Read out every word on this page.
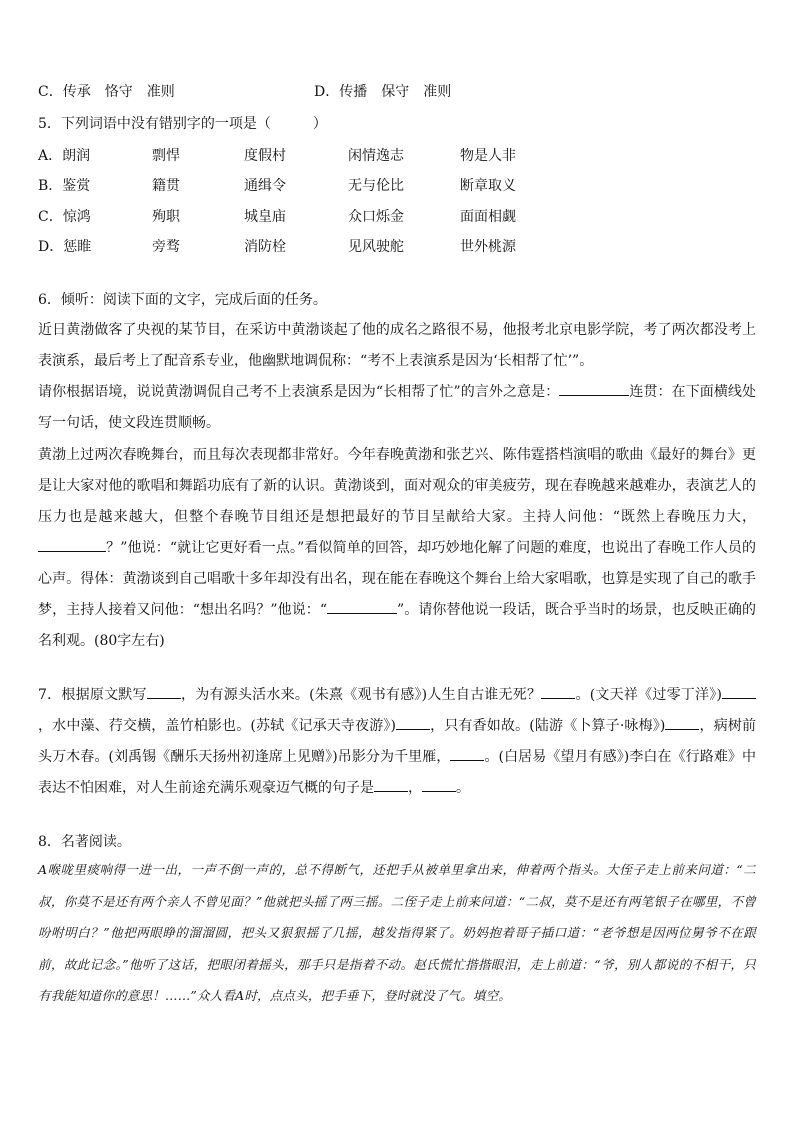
C．传承　恪守　准则	D．传播　保守　准则
5．下列词语中没有错别字的一项是（　　　）
A．朗润	剽悍	度假村	闲情逸志	物是人非
B．鉴赏	籍贯	通缉令	无与伦比	断章取义
C．惊鸿	殉职	城皇庙	众口烁金	面面相觑
D．惩睢	旁骛	消防栓	见风驶舵	世外桃源
6．倾听：阅读下面的文字，完成后面的任务。

近日黄渤做客了央视的某节目，在采访中黄渤谈起了他的成名之路很不易，他报考北京电影学院，考了两次都没考上表演系，最后考上了配音系专业，他幽默地调侃称：“考不上表演系是因为‘长相帮了忙’”。

请你根据语境，说说黄渤调侃自己考不上表演系是因为“长相帮了忙”的言外之意是：	连贯：在下面横线处写一句话，使文段连贯顺畅。

黄渤上过两次春晚舞台，而且每次表现都非常好。今年春晚黄渤和张艺兴、陈伟霆搭档演唱的歌曲《最好的舞台》更是让大家对他的歌唱和舞蹈功底有了新的认识。黄渤谈到，面对观众的审美疲劳，现在春晚越来越难办，表演艺人的压力也是越来越大，但整个春晚节目组还是想把最好的节目呈献给大家。主持人问他：“既然上春晚压力大，？”他说：“就让它更好看一点。”看似简单的回答，却巧妙地化解了问题的难度，也说出了春晚工作人员的心声。得体：黄渤谈到自己唱歌十多年却没有出名，现在能在春晚这个舞台上给大家唱歌，也算是实现了自己的歌手梦，主持人接着又问他：“想出名吗？”他说：“	”。请你替他说一段话，既合乎当时的场景，也反映正确的名利观。(80字左右)

7．根据原文默写 ，为有源头活水来。(朱熹《观书有感》)人生自古谁无死？ 。(文天祥《过零丁洋》)，水中藻、荇交横，盖竹柏影也。(苏轼《记承天寺夜游》) ，只有香如故。(陆游《卜算子·咏梅》) ，病树前头万木春。(刘禹锡《酬乐天扬州初逢席上见赠》)吊影分为千里雁， 。(白居易《望月有感》)李白在《行路难》中表达不怕困难，对人生前途充满乐观豪迈气概的句子是 ， 。

8．名著阅读。

A喉咙里痰响得一进一出，一声不倒一声的，总不得断气，还把手从被单里拿出来，伸着两个指头。大侄子走上前来问道：“二叔，你莫不是还有两个亲人不曾见面？”他就把头摇了两三摇。二侄子走上前来问道：“二叔，莫不是还有两笔银子在哪里，不曾吩咐明白？”他把两眼睁的溜溜圆，把头又狠狠摇了几摇，越发指得紧了。奶妈抱着哥子插口道：“老爷想是因两位舅爷不在跟前，故此记念。”他听了这话，把眼闭着摇头，那手只是指着不动。赵氏慌忙揩揩眼泪，走上前道：“爷，别人都说的不相干，只有我能知道你的意思！……”众人看A时，点点头，把手垂下，登时就没了气。填空。
